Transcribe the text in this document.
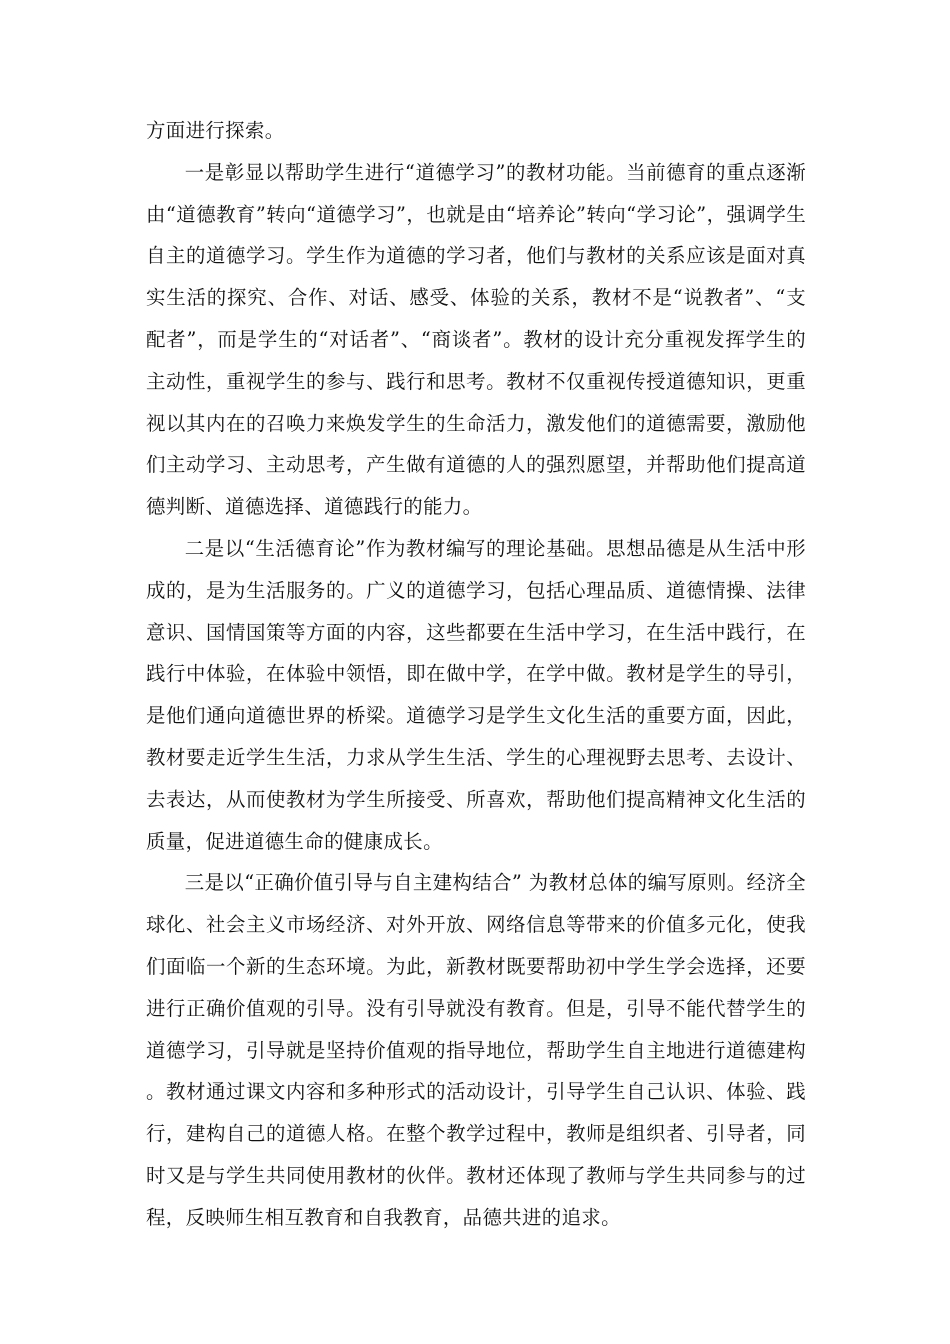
方面进行探索。

一是彰显以帮助学生进行“道德学习”的教材功能。当前德育的重点逐渐由“道德教育”转向“道德学习”，也就是由“培养论”转向“学习论”，强调学生自主的道德学习。学生作为道德的学习者，他们与教材的关系应该是面对真实生活的探究、合作、对话、感受、体验的关系，教材不是“说教者”、“支配者”，而是学生的“对话者”、“商谈者”。教材的设计充分重视发挥学生的主动性，重视学生的参与、践行和思考。教材不仅重视传授道德知识，更重视以其内在的召唤力来焕发学生的生命活力，激发他们的道德需要，激励他们主动学习、主动思考，产生做有道德的人的强烈愿望，并帮助他们提高道德判断、道德选择、道德践行的能力。

二是以“生活德育论”作为教材编写的理论基础。思想品德是从生活中形成的，是为生活服务的。广义的道德学习，包括心理品质、道德情操、法律意识、国情国策等方面的内容，这些都要在生活中学习，在生活中践行，在践行中体验，在体验中领悟，即在做中学，在学中做。教材是学生的导引，是他们通向道德世界的桥梁。道德学习是学生文化生活的重要方面，因此，教材要走近学生生活，力求从学生生活、学生的心理视野去思考、去设计、去表达，从而使教材为学生所接受、所喜欢，帮助他们提高精神文化生活的质量，促进道德生命的健康成长。

三是以“正确价值引导与自主建构结合” 为教材总体的编写原则。经济全球化、社会主义市场经济、对外开放、网络信息等带来的价值多元化，使我们面临一个新的生态环境。为此，新教材既要帮助初中学生学会选择，还要进行正确价值观的引导。没有引导就没有教育。但是，引导不能代替学生的道德学习，引导就是坚持价值观的指导地位，帮助学生自主地进行道德建构。教材通过课文内容和多种形式的活动设计，引导学生自己认识、体验、践行，建构自己的道德人格。在整个教学过程中，教师是组织者、引导者，同时又是与学生共同使用教材的伙伴。教材还体现了教师与学生共同参与的过程，反映师生相互教育和自我教育，品德共进的追求。
